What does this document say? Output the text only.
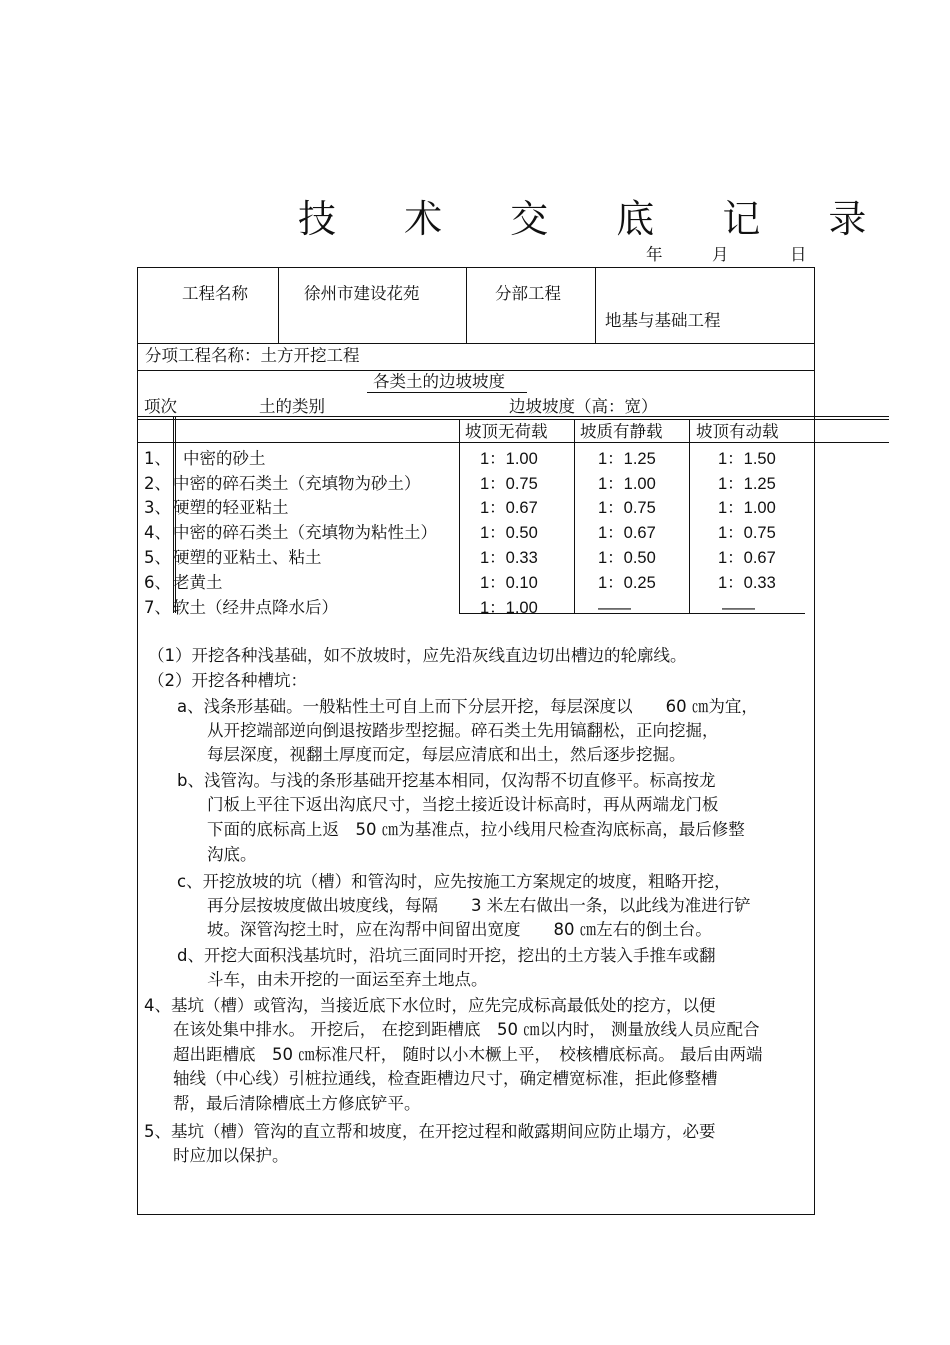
技 术 交 底 记 录
年	月	日
工程名称	徐州市建设花苑	分部工程
地基与基础工程
分项工程名称：土方开挖工程
各类土的边坡坡度
项次	土的类别	边坡坡度（高：宽）
坡顶无荷载 坡质有静载 坡顶有动载
1、 中密的砂土	1：1.00	1：1.25	1：1.50
2、 中密的碎石类土（充填物为砂土）	1：0.75	1：1.00	1：1.25
3、 硬塑的轻亚粘土	1：0.67	1：0.75	1：1.00
4、 中密的碎石类土（充填物为粘性土）	1：0.50	1：0.67	1：0.75
5、 硬塑的亚粘土、粘土	1：0.33	1：0.50	1：0.67
6、 老黄土	1：0.10	1：0.25	1：0.33
7、 软土（经井点降水后）	1：1.00	——	——
（1）开挖各种浅基础，如不放坡时，应先沿灰线直边切出槽边的轮廓线。
（2）开挖各种槽坑：
a、浅条形基础。一般粘性土可自上而下分层开挖，每层深度以　　60 ㎝为宜，
从开挖端部逆向倒退按踏步型挖掘。碎石类土先用镐翻松，正向挖掘，
每层深度，视翻土厚度而定，每层应清底和出土，然后逐步挖掘。
b、浅管沟。与浅的条形基础开挖基本相同，仅沟帮不切直修平。标高按龙
门板上平往下返出沟底尺寸，当挖土接近设计标高时，再从两端龙门板
下面的底标高上返　50 ㎝为基准点，拉小线用尺检查沟底标高，最后修整
沟底。
c、开挖放坡的坑（槽）和管沟时，应先按施工方案规定的坡度，粗略开挖，
再分层按坡度做出坡度线，每隔　　3 米左右做出一条，以此线为准进行铲
坡。深管沟挖土时，应在沟帮中间留出宽度　　80 ㎝左右的倒土台。
d、开挖大面积浅基坑时，沿坑三面同时开挖，挖出的土方装入手推车或翻
斗车，由未开挖的一面运至弃土地点。
4、基坑（槽）或管沟，当接近底下水位时，应先完成标高最低处的挖方，以便
在该处集中排水。 开挖后， 在挖到距槽底　50 ㎝以内时， 测量放线人员应配合
超出距槽底　50 ㎝标准尺杆， 随时以小木橛上平，　校核槽底标高。 最后由两端
轴线（中心线）引桩拉通线，检查距槽边尺寸，确定槽宽标准，拒此修整槽
帮，最后清除槽底土方修底铲平。
5、基坑（槽）管沟的直立帮和坡度，在开挖过程和敞露期间应防止塌方，必要
时应加以保护。
